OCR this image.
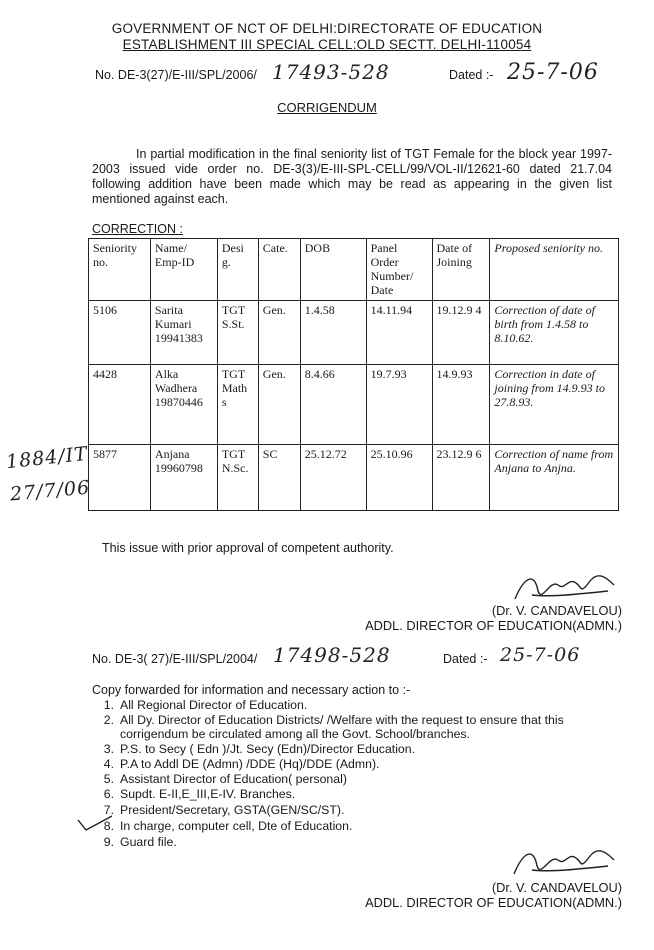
GOVERNMENT OF NCT OF DELHI:DIRECTORATE OF EDUCATION
ESTABLISHMENT III SPECIAL CELL:OLD SECTT. DELHI-110054
No. DE-3(27)/E-III/SPL/2006/ 17493-528	Dated :- 25-7-06
CORRIGENDUM
In partial modification in the final seniority list of TGT Female for the block year 1997-2003 issued vide order no. DE-3(3)/E-III-SPL-CELL/99/VOL-II/12621-60 dated 21.7.04 following addition have been made which may be read as appearing in the given list mentioned against each.
CORRECTION :
Seniority no.	Name/ Emp-ID	Desi g.	Cate.	DOB	Panel Order Number/ Date	Date of Joining	Proposed seniority no.
5106	Sarita Kumari 19941383	TGT S.St.	Gen.	1.4.58	14.11.94	19.12.9 4	Correction of date of birth from 1.4.58 to 8.10.62.
4428	Alka Wadhera 19870446	TGT Math s	Gen.	8.4.66	19.7.93	14.9.93	Correction in date of joining from 14.9.93 to 27.8.93.
5877	Anjana 19960798	TGT N.Sc.	SC	25.12.72	25.10.96	23.12.9 6	Correction of name from Anjana to Anjna.
1884/IT
27/7/06
This issue with prior approval of competent authority.
(Dr. V. CANDAVELOU)
ADDL. DIRECTOR OF EDUCATION(ADMN.)
No. DE-3( 27)/E-III/SPL/2004/ 17498-528	Dated :- 25-7-06
Copy forwarded for information and necessary action to :-
1. All Regional Director of Education.
2. All Dy. Director of Education Districts/ /Welfare with the request to ensure that this
corrigendum be circulated among all the Govt. School/branches.
3. P.S. to Secy ( Edn )/Jt. Secy (Edn)/Director Education.
4. P.A to Addl DE (Admn) /DDE (Hq)/DDE (Admn).
5. Assistant Director of Education( personal)
6. Supdt. E-II,E_III,E-IV. Branches.
7. President/Secretary, GSTA(GEN/SC/ST).
8. In charge, computer cell, Dte of Education.
9. Guard file.
(Dr. V. CANDAVELOU)
ADDL. DIRECTOR OF EDUCATION(ADMN.)
